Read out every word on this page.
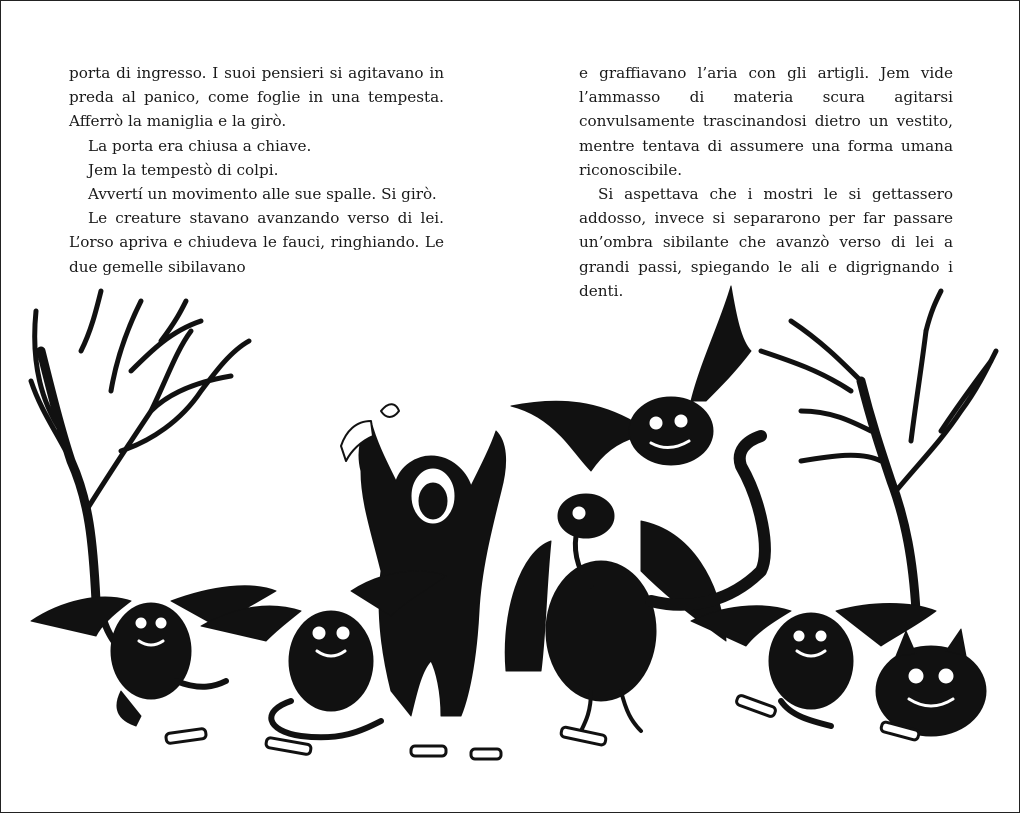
porta di ingresso. I suoi pensieri si agitavano in preda al panico, come foglie in una tempesta. Afferrò la maniglia e la girò.

La porta era chiusa a chiave.

Jem la tempestò di colpi.

Avvertí un movimento alle sue spalle. Si girò.

Le creature stavano avanzando verso di lei. L’orso apriva e chiudeva le fauci, ringhiando. Le due gemelle sibilavano

e graffiavano l’aria con gli artigli. Jem vide l’ammasso di materia scura agitarsi convulsamente trascinandosi dietro un vestito, mentre tentava di assumere una forma umana riconoscibile.

Si aspettava che i mostri le si gettassero addosso, invece si separarono per far passare un’ombra sibilante che avanzò verso di lei a grandi passi, spiegando le ali e digrignando i denti.
